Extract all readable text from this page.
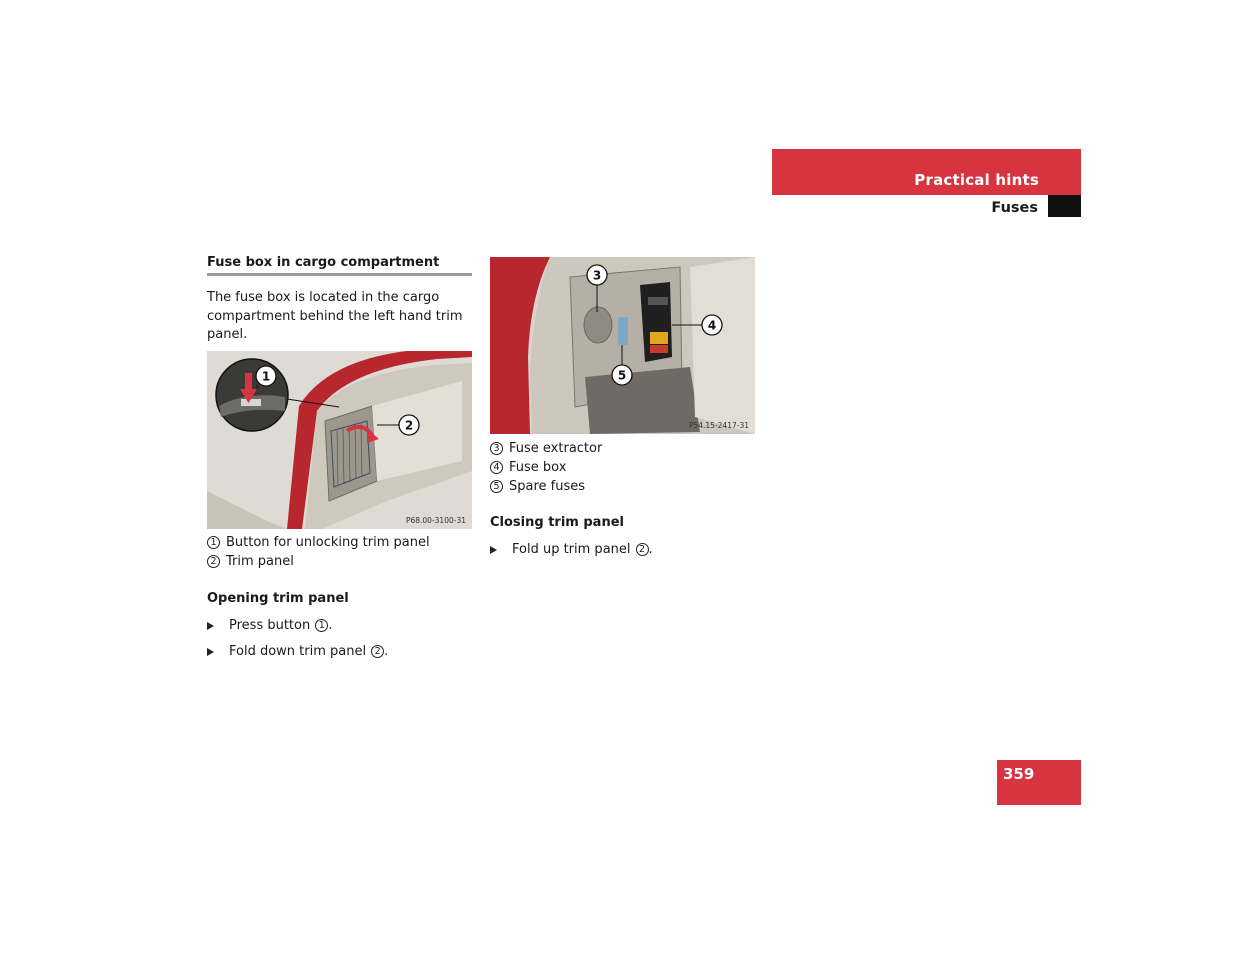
Practical hints
Fuses
Fuse box in cargo compartment
The fuse box is located in the cargo compartment behind the left hand trim panel.
1
2
P68.00-3100-31
1 Button for unlocking trim panel
2 Trim panel
Opening trim panel
Press button 1 .
Fold down trim panel 2 .
3
4
5
P54.15-2417-31
3 Fuse extractor
4 Fuse box
5 Spare fuses
Closing trim panel
Fold up trim panel 2 .
359
